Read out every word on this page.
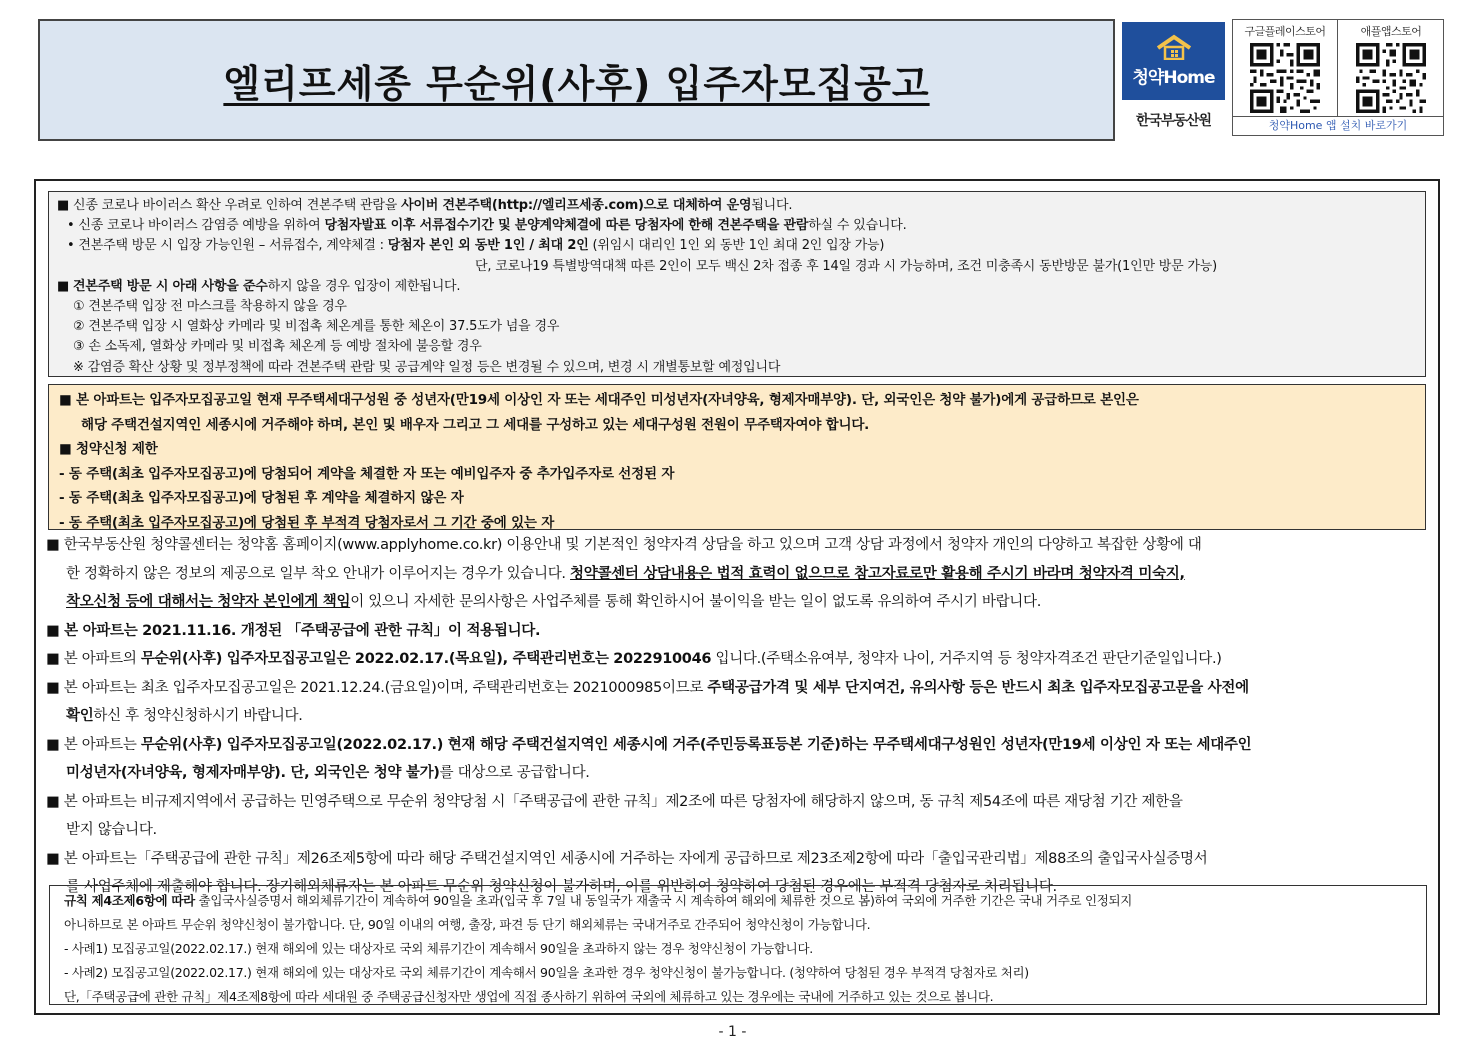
엘리프세종 무순위(사후) 입주자모집공고	청약Home
한국부동산원
구글플레이스토어	애플앱스토어
청약Home 앱 설치 바로가기
■ 신종 코로나 바이러스 확산 우려로 인하여 견본주택 관람을 사이버 견본주택(http://엘리프세종.com)으로 대체하여 운영됩니다.
• 신종 코로나 바이러스 감염증 예방을 위하여 당첨자발표 이후 서류접수기간 및 분양계약체결에 따른 당첨자에 한해 견본주택을 관람하실 수 있습니다.
• 견본주택 방문 시 입장 가능인원 – 서류접수, 계약체결 : 당첨자 본인 외 동반 1인 / 최대 2인 (위임시 대리인 1인 외 동반 1인 최대 2인 입장 가능)
단, 코로나19 특별방역대책 따른 2인이 모두 백신 2차 접종 후 14일 경과 시 가능하며, 조건 미충족시 동반방문 불가(1인만 방문 가능)
■ 견본주택 방문 시 아래 사항을 준수하지 않을 경우 입장이 제한됩니다.
① 견본주택 입장 전 마스크를 착용하지 않을 경우
② 견본주택 입장 시 열화상 카메라 및 비접촉 체온계를 통한 체온이 37.5도가 넘을 경우
③ 손 소독제, 열화상 카메라 및 비접촉 체온계 등 예방 절차에 불응할 경우
※ 감염증 확산 상황 및 정부정책에 따라 견본주택 관람 및 공급계약 일정 등은 변경될 수 있으며, 변경 시 개별통보할 예정입니다
■ 본 아파트는 입주자모집공고일 현재 무주택세대구성원 중 성년자(만19세 이상인 자 또는 세대주인 미성년자(자녀양육, 형제자매부양). 단, 외국인은 청약 불가)에게 공급하므로 본인은
해당 주택건설지역인 세종시에 거주해야 하며, 본인 및 배우자 그리고 그 세대를 구성하고 있는 세대구성원 전원이 무주택자여야 합니다.
■ 청약신청 제한
- 동 주택(최초 입주자모집공고)에 당첨되어 계약을 체결한 자 또는 예비입주자 중 추가입주자로 선정된 자
- 동 주택(최초 입주자모집공고)에 당첨된 후 계약을 체결하지 않은 자
- 동 주택(최초 입주자모집공고)에 당첨된 후 부적격 당첨자로서 그 기간 중에 있는 자
■ 한국부동산원 청약콜센터는 청약홈 홈페이지(www.applyhome.co.kr) 이용안내 및 기본적인 청약자격 상담을 하고 있으며 고객 상담 과정에서 청약자 개인의 다양하고 복잡한 상황에 대
한 정확하지 않은 정보의 제공으로 일부 착오 안내가 이루어지는 경우가 있습니다. 청약콜센터 상담내용은 법적 효력이 없으므로 참고자료로만 활용해 주시기 바라며 청약자격 미숙지,
착오신청 등에 대해서는 청약자 본인에게 책임이 있으니 자세한 문의사항은 사업주체를 통해 확인하시어 불이익을 받는 일이 없도록 유의하여 주시기 바랍니다.
■ 본 아파트는 2021.11.16. 개정된 「주택공급에 관한 규칙」이 적용됩니다.
■ 본 아파트의 무순위(사후) 입주자모집공고일은 2022.02.17.(목요일), 주택관리번호는 2022910046 입니다.(주택소유여부, 청약자 나이, 거주지역 등 청약자격조건 판단기준일입니다.)
■ 본 아파트는 최초 입주자모집공고일은 2021.12.24.(금요일)이며, 주택관리번호는 2021000985이므로 주택공급가격 및 세부 단지여건, 유의사항 등은 반드시 최초 입주자모집공고문을 사전에
확인하신 후 청약신청하시기 바랍니다.
■ 본 아파트는 무순위(사후) 입주자모집공고일(2022.02.17.) 현재 해당 주택건설지역인 세종시에 거주(주민등록표등본 기준)하는 무주택세대구성원인 성년자(만19세 이상인 자 또는 세대주인
미성년자(자녀양육, 형제자매부양). 단, 외국인은 청약 불가)를 대상으로 공급합니다.
■ 본 아파트는 비규제지역에서 공급하는 민영주택으로 무순위 청약당첨 시「주택공급에 관한 규칙」제2조에 따른 당첨자에 해당하지 않으며, 동 규칙 제54조에 따른 재당첨 기간 제한을
받지 않습니다.
■ 본 아파트는「주택공급에 관한 규칙」제26조제5항에 따라 해당 주택건설지역인 세종시에 거주하는 자에게 공급하므로 제23조제2항에 따라「출입국관리법」제88조의 출입국사실증명서
를 사업주체에 제출해야 합니다. 장기해외체류자는 본 아파트 무순위 청약신청이 불가하며, 이를 위반하여 청약하여 당첨된 경우에는 부적격 당첨자로 처리됩니다.
규칙 제4조제6항에 따라 출입국사실증명서 해외체류기간이 계속하여 90일을 초과(입국 후 7일 내 동일국가 재출국 시 계속하여 해외에 체류한 것으로 봄)하여 국외에 거주한 기간은 국내 거주로 인정되지
아니하므로 본 아파트 무순위 청약신청이 불가합니다. 단, 90일 이내의 여행, 출장, 파견 등 단기 해외체류는 국내거주로 간주되어 청약신청이 가능합니다.
- 사례1) 모집공고일(2022.02.17.) 현재 해외에 있는 대상자로 국외 체류기간이 계속해서 90일을 초과하지 않는 경우 청약신청이 가능합니다.
- 사례2) 모집공고일(2022.02.17.) 현재 해외에 있는 대상자로 국외 체류기간이 계속해서 90일을 초과한 경우 청약신청이 불가능합니다. (청약하여 당첨된 경우 부적격 당첨자로 처리)
단,「주택공급에 관한 규칙」제4조제8항에 따라 세대원 중 주택공급신청자만 생업에 직접 종사하기 위하여 국외에 체류하고 있는 경우에는 국내에 거주하고 있는 것으로 봅니다.
- 1 -
